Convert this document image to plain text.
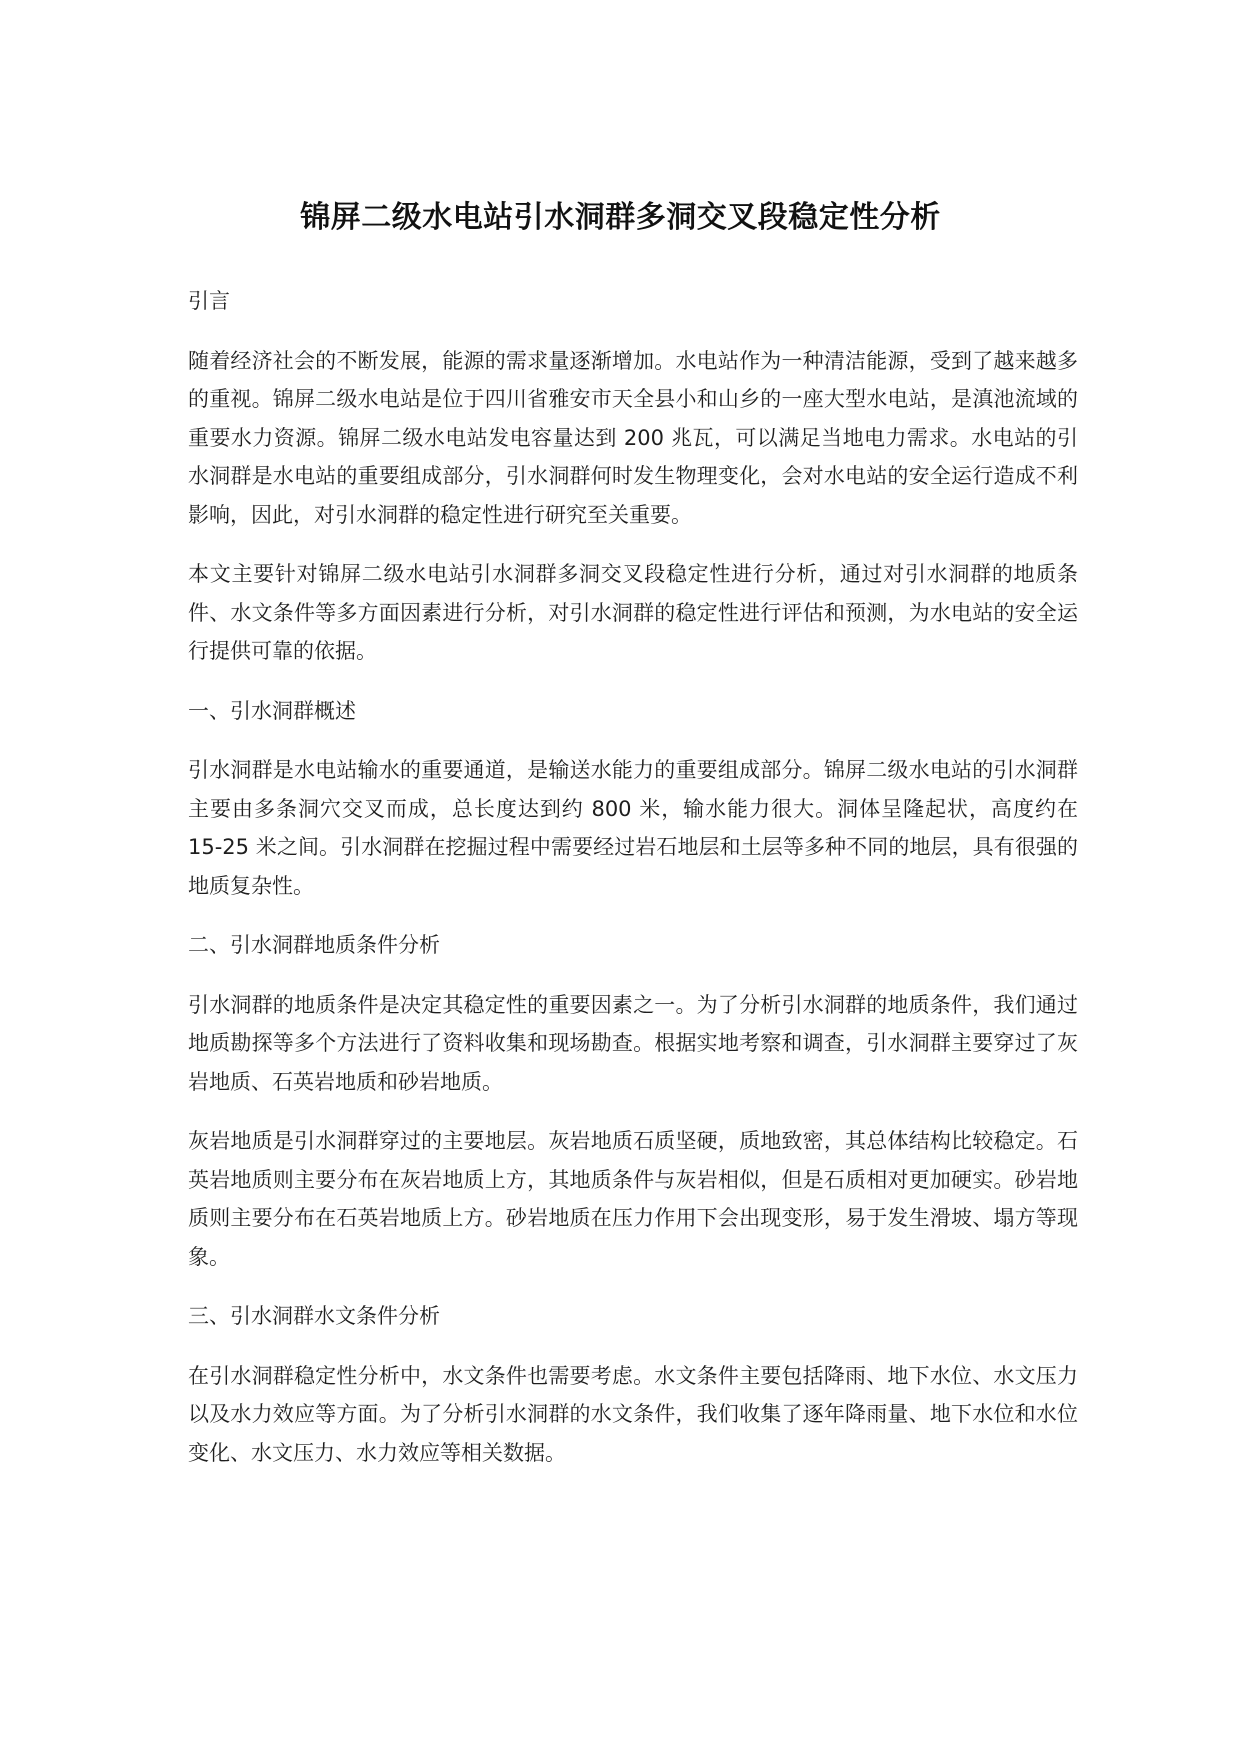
锦屏二级水电站引水洞群多洞交叉段稳定性分析

引言

随着经济社会的不断发展，能源的需求量逐渐增加。水电站作为一种清洁能源，受到了越来越多的重视。锦屏二级水电站是位于四川省雅安市天全县小和山乡的一座大型水电站，是滇池流域的重要水力资源。锦屏二级水电站发电容量达到 200 兆瓦，可以满足当地电力需求。水电站的引水洞群是水电站的重要组成部分，引水洞群何时发生物理变化，会对水电站的安全运行造成不利影响，因此，对引水洞群的稳定性进行研究至关重要。

本文主要针对锦屏二级水电站引水洞群多洞交叉段稳定性进行分析，通过对引水洞群的地质条件、水文条件等多方面因素进行分析，对引水洞群的稳定性进行评估和预测，为水电站的安全运行提供可靠的依据。

一、引水洞群概述

引水洞群是水电站输水的重要通道，是输送水能力的重要组成部分。锦屏二级水电站的引水洞群主要由多条洞穴交叉而成，总长度达到约 800 米，输水能力很大。洞体呈隆起状，高度约在 15-25 米之间。引水洞群在挖掘过程中需要经过岩石地层和土层等多种不同的地层，具有很强的地质复杂性。

二、引水洞群地质条件分析

引水洞群的地质条件是决定其稳定性的重要因素之一。为了分析引水洞群的地质条件，我们通过地质勘探等多个方法进行了资料收集和现场勘查。根据实地考察和调查，引水洞群主要穿过了灰岩地质、石英岩地质和砂岩地质。

灰岩地质是引水洞群穿过的主要地层。灰岩地质石质坚硬，质地致密，其总体结构比较稳定。石英岩地质则主要分布在灰岩地质上方，其地质条件与灰岩相似，但是石质相对更加硬实。砂岩地质则主要分布在石英岩地质上方。砂岩地质在压力作用下会出现变形，易于发生滑坡、塌方等现象。

三、引水洞群水文条件分析

在引水洞群稳定性分析中，水文条件也需要考虑。水文条件主要包括降雨、地下水位、水文压力以及水力效应等方面。为了分析引水洞群的水文条件，我们收集了逐年降雨量、地下水位和水位变化、水文压力、水力效应等相关数据。
